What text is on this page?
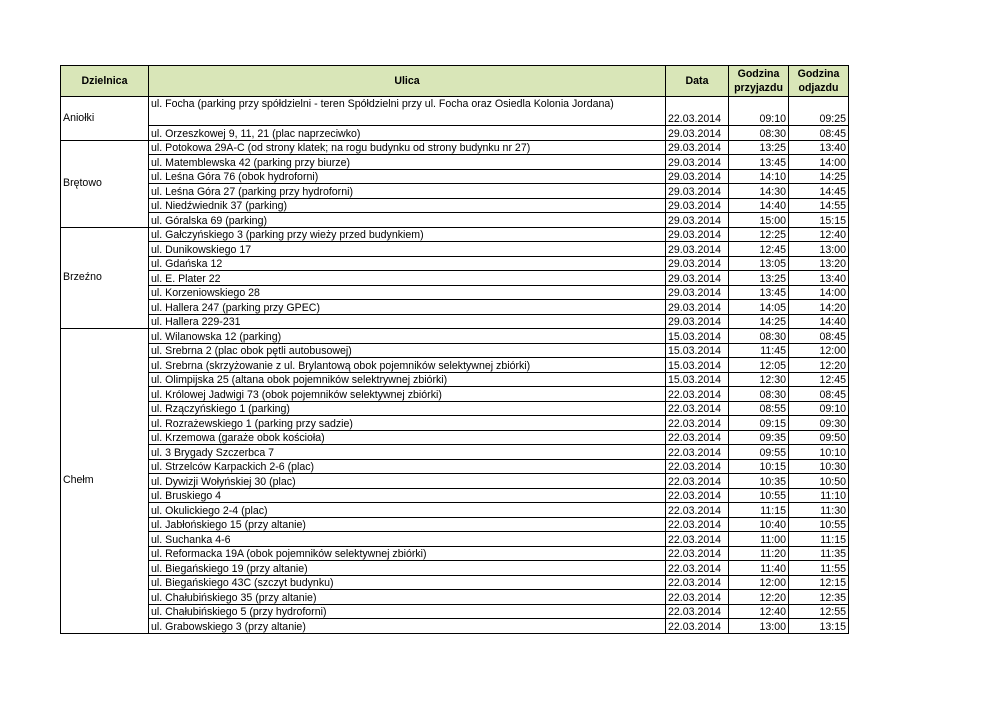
Dzielnica	Ulica	Data	Godzina przyjazdu	Godzina odjazdu
Aniołki	ul. Focha (parking przy spółdzielni - teren Spółdzielni przy ul. Focha oraz Osiedla Kolonia Jordana)	22.03.2014	09:10	09:25
	ul. Orzeszkowej 9, 11, 21 (plac naprzeciwko)	29.03.2014	08:30	08:45
Brętowo	ul. Potokowa 29A-C (od strony klatek; na rogu budynku od strony budynku nr 27)	29.03.2014	13:25	13:40
	ul. Matemblewska 42 (parking przy biurze)	29.03.2014	13:45	14:00
	ul. Leśna Góra 76 (obok hydroforni)	29.03.2014	14:10	14:25
	ul. Leśna Góra 27 (parking przy hydroforni)	29.03.2014	14:30	14:45
	ul. Niedźwiednik 37 (parking)	29.03.2014	14:40	14:55
	ul. Góralska 69 (parking)	29.03.2014	15:00	15:15
Brzeźno	ul. Gałczyńskiego 3 (parking przy wieży przed budynkiem)	29.03.2014	12:25	12:40
	ul. Dunikowskiego 17	29.03.2014	12:45	13:00
	ul. Gdańska 12	29.03.2014	13:05	13:20
	ul. E. Plater 22	29.03.2014	13:25	13:40
	ul. Korzeniowskiego 28	29.03.2014	13:45	14:00
	ul. Hallera 247 (parking przy GPEC)	29.03.2014	14:05	14:20
	ul. Hallera 229-231	29.03.2014	14:25	14:40
Chełm	ul. Wilanowska 12 (parking)	15.03.2014	08:30	08:45
	ul. Srebrna 2 (plac obok pętli autobusowej)	15.03.2014	11:45	12:00
	ul. Srebrna (skrzyżowanie z ul. Brylantową obok pojemników selektywnej zbiórki)	15.03.2014	12:05	12:20
	ul. Olimpijska 25 (altana obok pojemników selektrywnej zbiórki)	15.03.2014	12:30	12:45
	ul. Królowej Jadwigi 73 (obok pojemników selektywnej zbiórki)	22.03.2014	08:30	08:45
	ul. Rzączyńskiego 1 (parking)	22.03.2014	08:55	09:10
	ul. Rozrażewskiego 1 (parking przy sadzie)	22.03.2014	09:15	09:30
	ul. Krzemowa (garaże obok kościoła)	22.03.2014	09:35	09:50
	ul. 3 Brygady Szczerbca 7	22.03.2014	09:55	10:10
	ul. Strzelców Karpackich 2-6 (plac)	22.03.2014	10:15	10:30
	ul. Dywizji Wołyńskiej 30 (plac)	22.03.2014	10:35	10:50
	ul. Bruskiego 4	22.03.2014	10:55	11:10
	ul. Okulickiego 2-4 (plac)	22.03.2014	11:15	11:30
	ul. Jabłońskiego 15 (przy altanie)	22.03.2014	10:40	10:55
	ul. Suchanka 4-6	22.03.2014	11:00	11:15
	ul. Reformacka 19A (obok pojemników selektywnej zbiórki)	22.03.2014	11:20	11:35
	ul. Biegańskiego 19 (przy altanie)	22.03.2014	11:40	11:55
	ul. Biegańskiego 43C (szczyt budynku)	22.03.2014	12:00	12:15
	ul. Chałubińskiego 35 (przy altanie)	22.03.2014	12:20	12:35
	ul. Chałubińskiego 5 (przy hydroforni)	22.03.2014	12:40	12:55
	ul. Grabowskiego 3 (przy altanie)	22.03.2014	13:00	13:15
